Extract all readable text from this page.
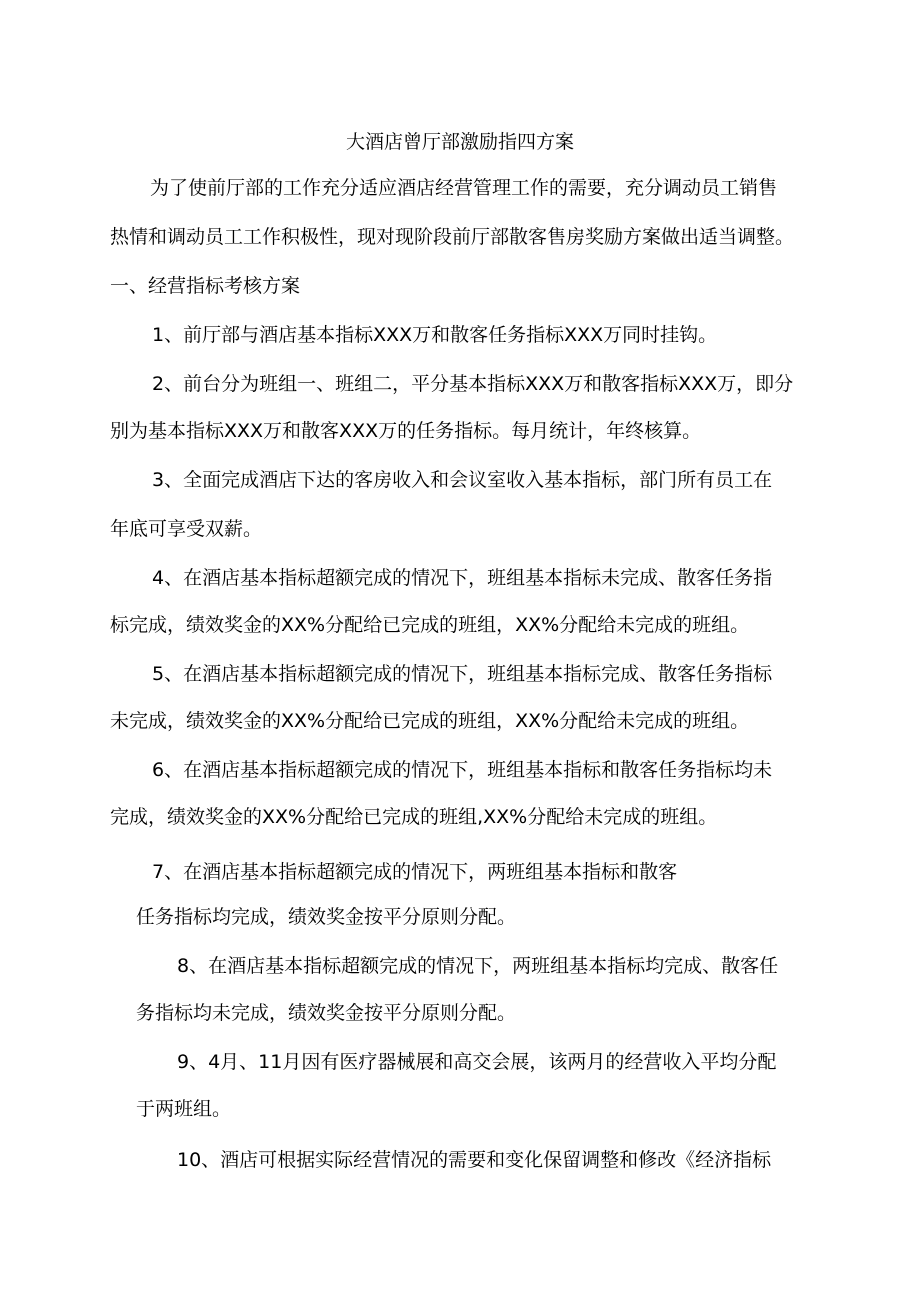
大酒店曾厅部激励指四方案
为了使前厅部的工作充分适应酒店经营管理工作的需要，充分调动员工销售
热情和调动员工工作积极性，现对现阶段前厅部散客售房奖励方案做出适当调整。
一、经营指标考核方案
1、前厅部与酒店基本指标XXX万和散客任务指标XXX万同时挂钩。
2、前台分为班组一、班组二，平分基本指标XXX万和散客指标XXX万，即分
别为基本指标XXX万和散客XXX万的任务指标。每月统计，年终核算。
3、全面完成酒店下达的客房收入和会议室收入基本指标，部门所有员工在
年底可享受双薪。
4、在酒店基本指标超额完成的情况下，班组基本指标未完成、散客任务指
标完成，绩效奖金的XX%分配给已完成的班组，XX%分配给未完成的班组。
5、在酒店基本指标超额完成的情况下，班组基本指标完成、散客任务指标
未完成，绩效奖金的XX%分配给已完成的班组，XX%分配给未完成的班组。
6、在酒店基本指标超额完成的情况下，班组基本指标和散客任务指标均未
完成，绩效奖金的XX%分配给已完成的班组,XX%分配给未完成的班组。
7、在酒店基本指标超额完成的情况下，两班组基本指标和散客
任务指标均完成，绩效奖金按平分原则分配。
8、在酒店基本指标超额完成的情况下，两班组基本指标均完成、散客任
务指标均未完成，绩效奖金按平分原则分配。
9、4月、11月因有医疗器械展和高交会展，该两月的经营收入平均分配
于两班组。
10、酒店可根据实际经营情况的需要和变化保留调整和修改《经济指标
